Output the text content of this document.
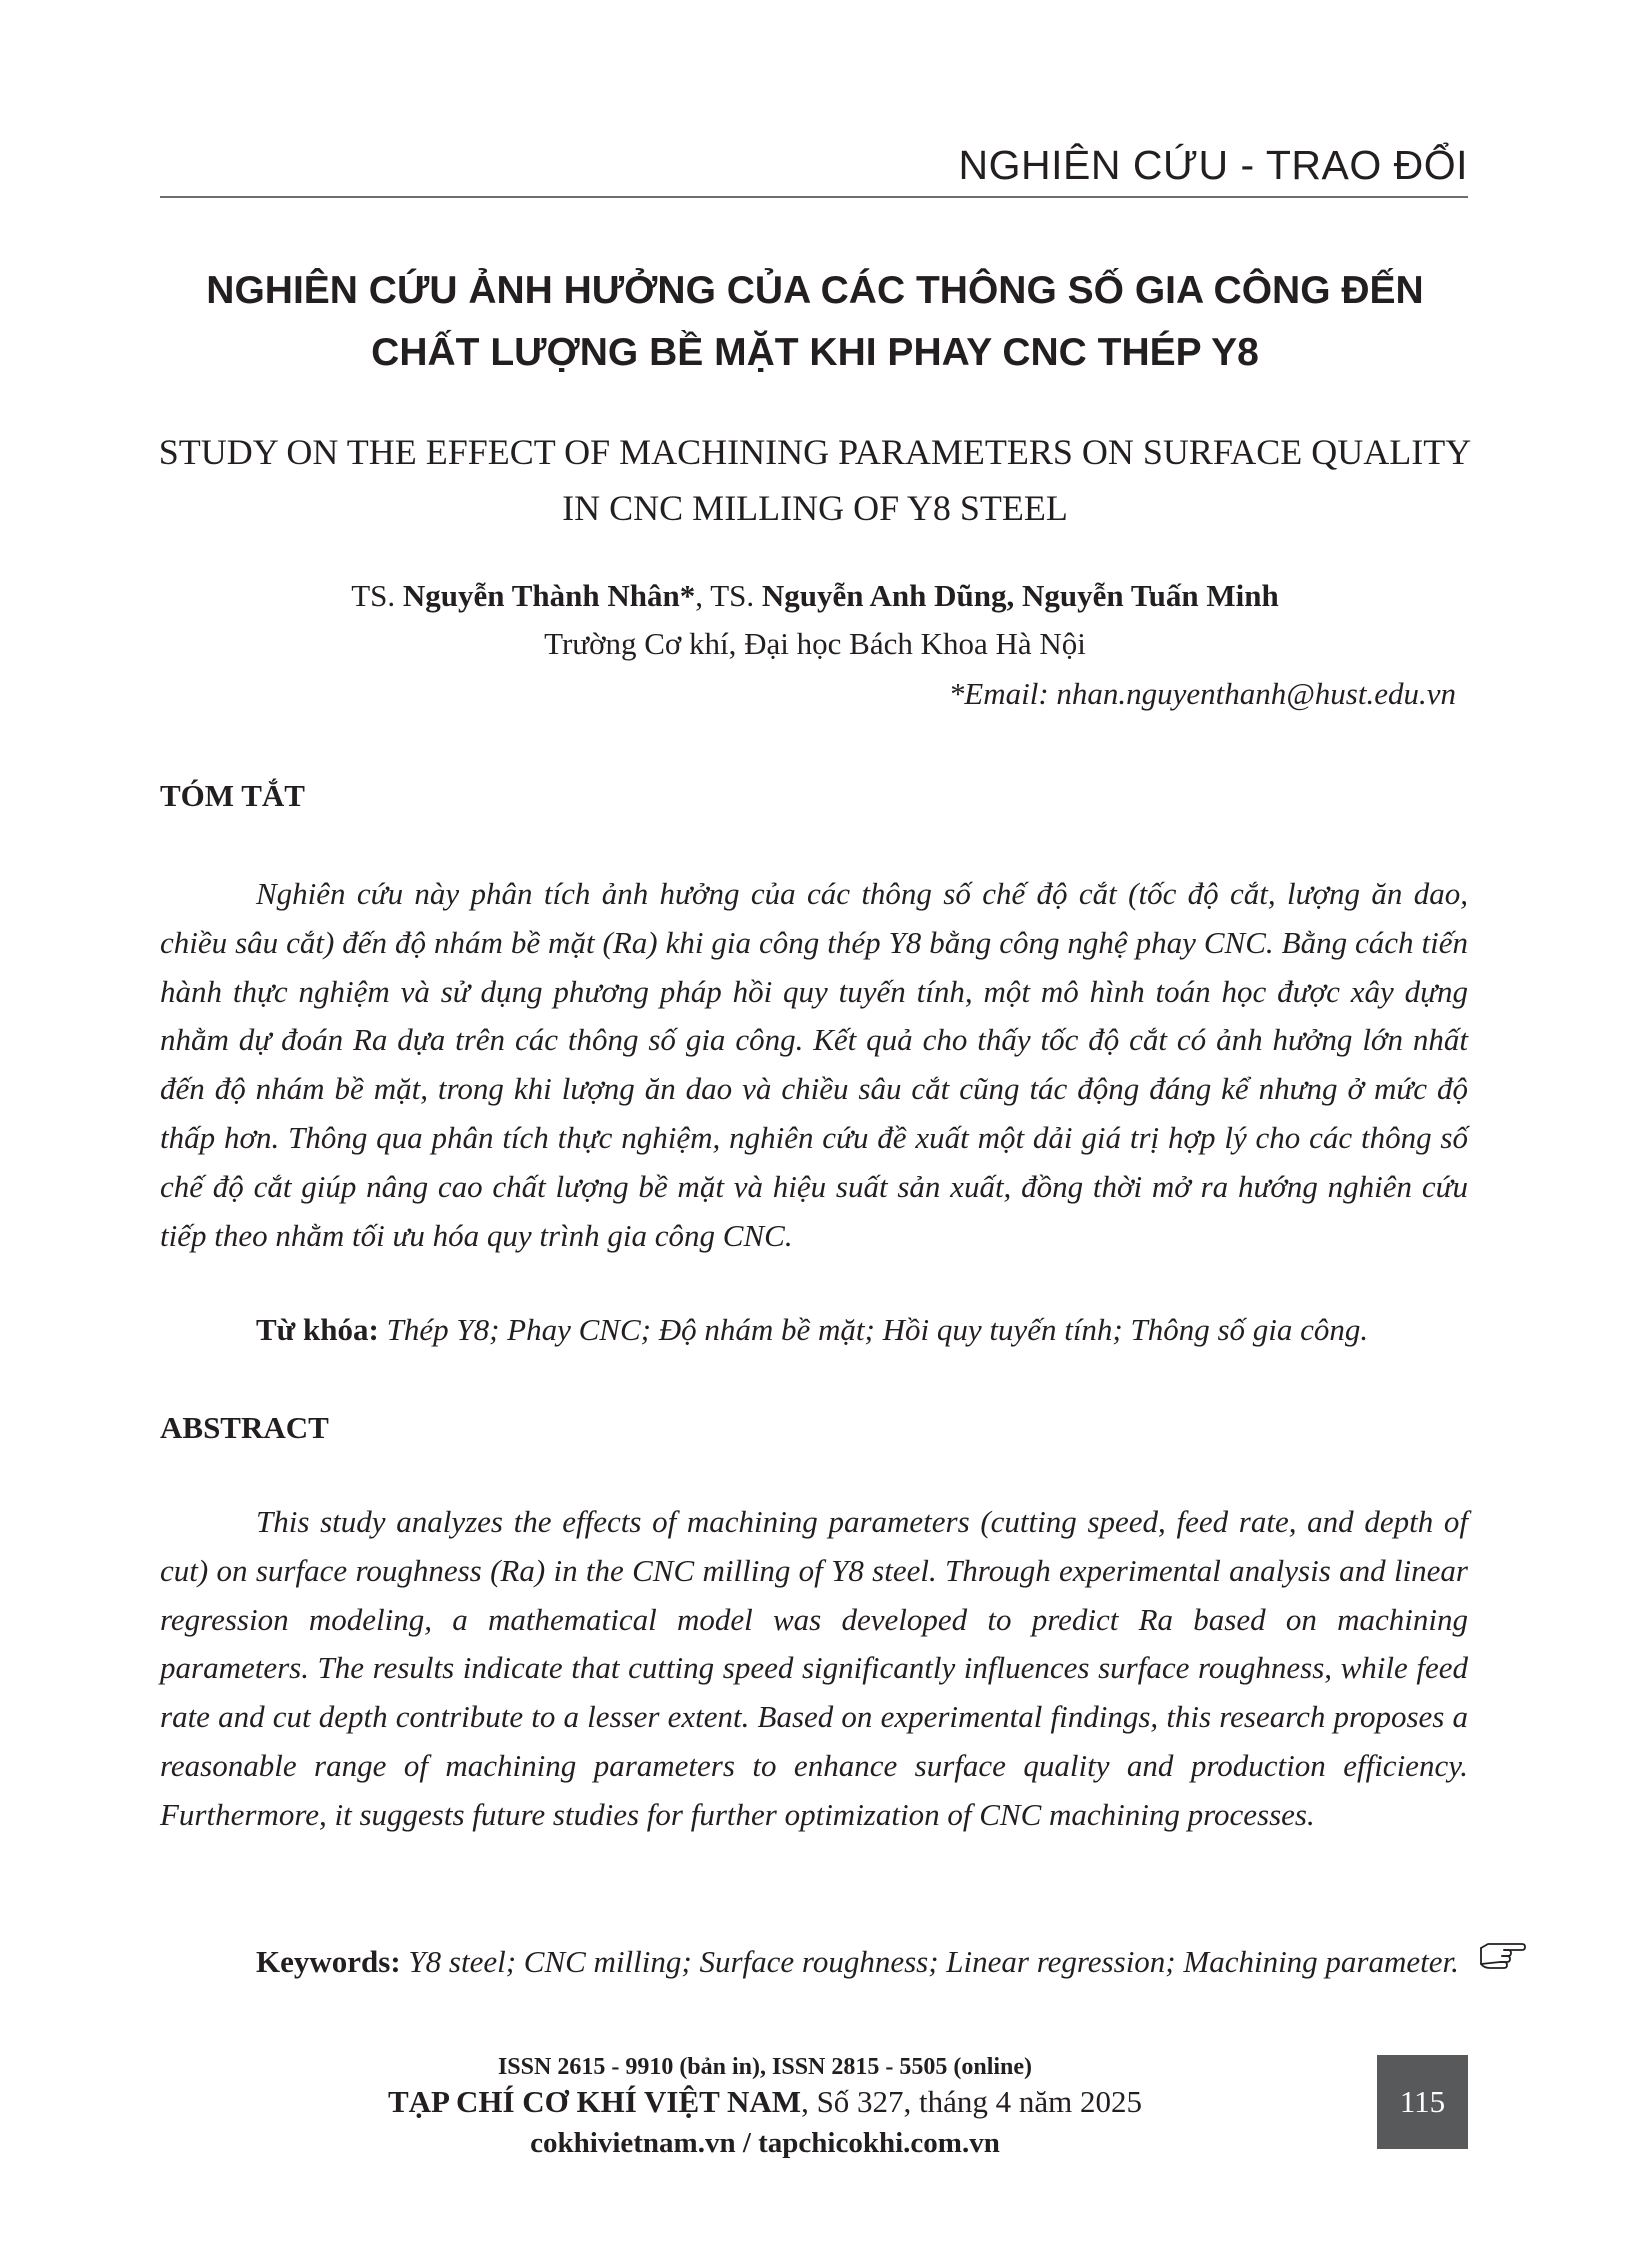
NGHIÊN CỨU - TRAO ĐỔI
NGHIÊN CỨU ẢNH HƯỞNG CỦA CÁC THÔNG SỐ GIA CÔNG ĐẾN
CHẤT LƯỢNG BỀ MẶT KHI PHAY CNC THÉP Y8
STUDY ON THE EFFECT OF MACHINING PARAMETERS ON SURFACE QUALITY
IN CNC MILLING OF Y8 STEEL
TS. Nguyễn Thành Nhân*, TS. Nguyễn Anh Dũng, Nguyễn Tuấn Minh
Trường Cơ khí, Đại học Bách Khoa Hà Nội
*Email: nhan.nguyenthanh@hust.edu.vn
TÓM TẮT
Nghiên cứu này phân tích ảnh hưởng của các thông số chế độ cắt (tốc độ cắt, lượng ăn dao, chiều sâu cắt) đến độ nhám bề mặt (Ra) khi gia công thép Y8 bằng công nghệ phay CNC. Bằng cách tiến hành thực nghiệm và sử dụng phương pháp hồi quy tuyến tính, một mô hình toán học được xây dựng nhằm dự đoán Ra dựa trên các thông số gia công. Kết quả cho thấy tốc độ cắt có ảnh hưởng lớn nhất đến độ nhám bề mặt, trong khi lượng ăn dao và chiều sâu cắt cũng tác động đáng kể nhưng ở mức độ thấp hơn. Thông qua phân tích thực nghiệm, nghiên cứu đề xuất một dải giá trị hợp lý cho các thông số chế độ cắt giúp nâng cao chất lượng bề mặt và hiệu suất sản xuất, đồng thời mở ra hướng nghiên cứu tiếp theo nhằm tối ưu hóa quy trình gia công CNC.
Từ khóa: Thép Y8; Phay CNC; Độ nhám bề mặt; Hồi quy tuyến tính; Thông số gia công.
ABSTRACT
This study analyzes the effects of machining parameters (cutting speed, feed rate, and depth of cut) on surface roughness (Ra) in the CNC milling of Y8 steel. Through experimental analysis and linear regression modeling, a mathematical model was developed to predict Ra based on machining parameters. The results indicate that cutting speed significantly influences surface roughness, while feed rate and cut depth contribute to a lesser extent. Based on experimental findings, this research proposes a reasonable range of machining parameters to enhance surface quality and production efficiency. Furthermore, it suggests future studies for further optimization of CNC machining processes.
Keywords: Y8 steel; CNC milling; Surface roughness; Linear regression; Machining parameter.
ISSN 2615 - 9910 (bản in), ISSN 2815 - 5505 (online)
TẠP CHÍ CƠ KHÍ VIỆT NAM, Số 327, tháng 4 năm 2025
cokhivietnam.vn / tapchicokhi.com.vn
115
